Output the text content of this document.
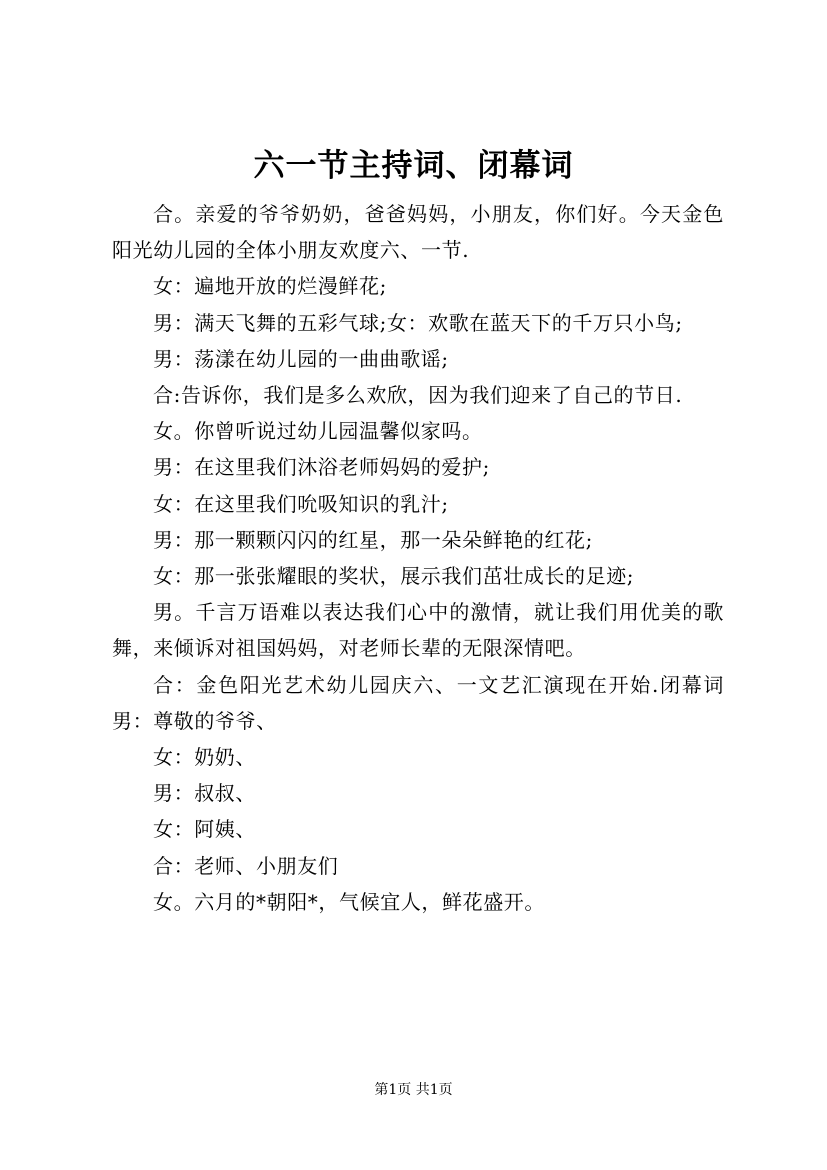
六一节主持词、闭幕词

合。亲爱的爷爷奶奶，爸爸妈妈，小朋友，你们好。今天金色阳光幼儿园的全体小朋友欢度六、一节.

女：遍地开放的烂漫鲜花;

男：满天飞舞的五彩气球;女：欢歌在蓝天下的千万只小鸟;

男：荡漾在幼儿园的一曲曲歌谣;

合:告诉你，我们是多么欢欣，因为我们迎来了自己的节日.

女。你曾听说过幼儿园温馨似家吗。

男：在这里我们沐浴老师妈妈的爱护;

女：在这里我们吮吸知识的乳汁;

男：那一颗颗闪闪的红星，那一朵朵鲜艳的红花;

女：那一张张耀眼的奖状，展示我们茁壮成长的足迹;

男。千言万语难以表达我们心中的激情，就让我们用优美的歌舞，来倾诉对祖国妈妈，对老师长辈的无限深情吧。

合：金色阳光艺术幼儿园庆六、一文艺汇演现在开始.闭幕词男：尊敬的爷爷、

女：奶奶、

男：叔叔、

女：阿姨、

合：老师、小朋友们

女。六月的*朝阳*，气候宜人，鲜花盛开。

第1页 共1页
